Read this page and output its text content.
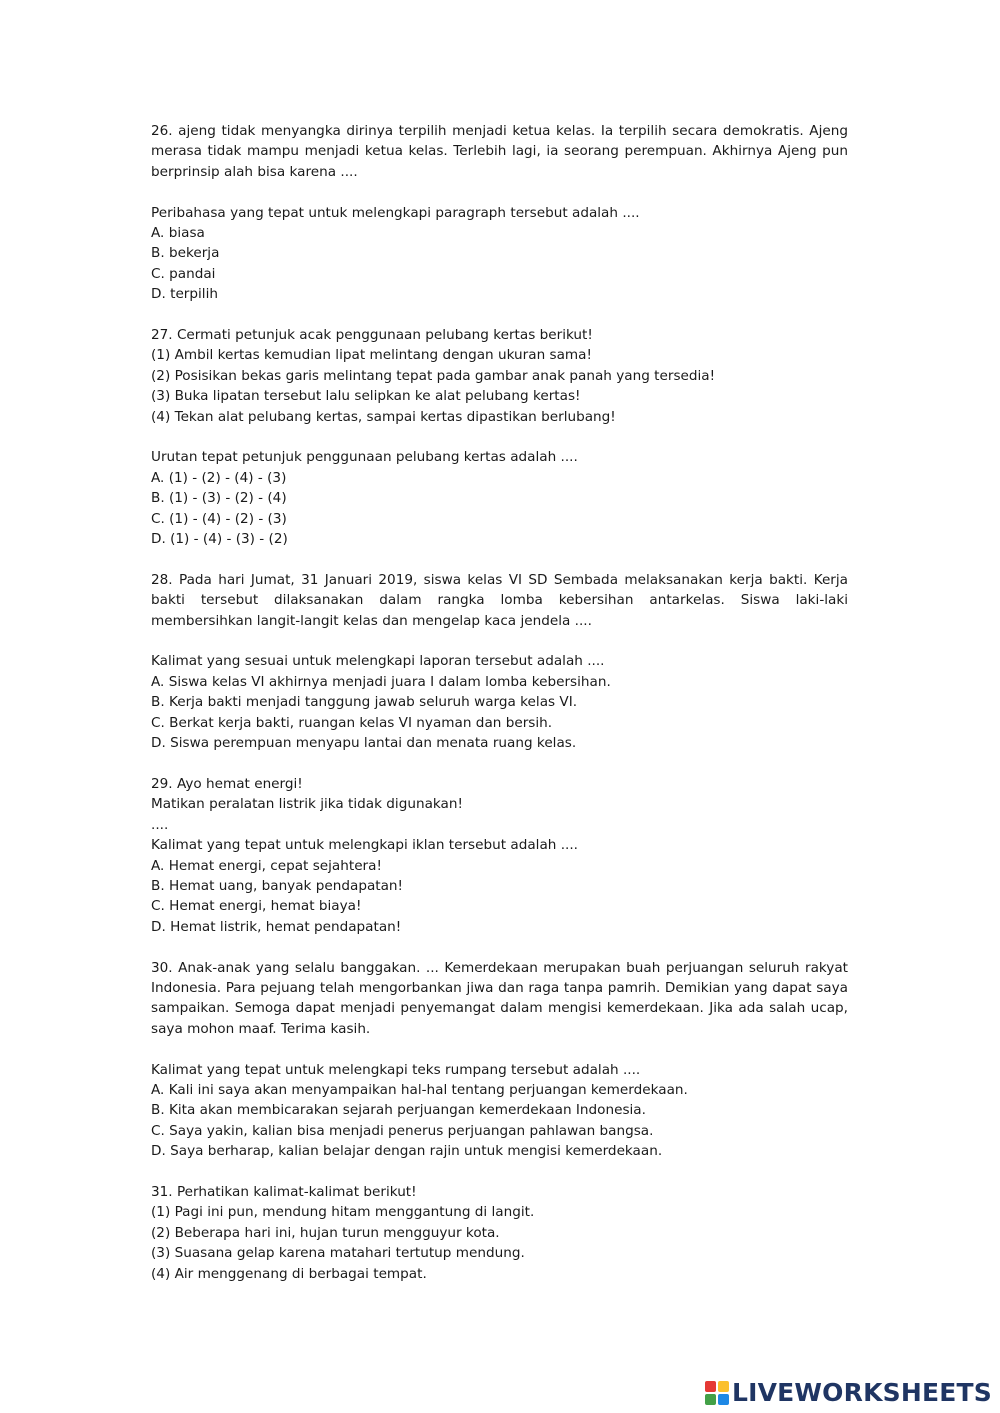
26. ajeng tidak menyangka dirinya terpilih menjadi ketua kelas. Ia terpilih secara demokratis. Ajeng merasa tidak mampu menjadi ketua kelas. Terlebih lagi, ia seorang perempuan. Akhirnya Ajeng pun berprinsip alah bisa karena ....

Peribahasa yang tepat untuk melengkapi paragraph tersebut adalah ....

A. biasa

B. bekerja

C. pandai

D. terpilih

27. Cermati petunjuk acak penggunaan pelubang kertas berikut!

(1) Ambil kertas kemudian lipat melintang dengan ukuran sama!

(2) Posisikan bekas garis melintang tepat pada gambar anak panah yang tersedia!

(3) Buka lipatan tersebut lalu selipkan ke alat pelubang kertas!

(4) Tekan alat pelubang kertas, sampai kertas dipastikan berlubang!

Urutan tepat petunjuk penggunaan pelubang kertas adalah ....

A. (1) - (2) - (4) - (3)

B. (1) - (3) - (2) - (4)

C. (1) - (4) - (2) - (3)

D. (1) - (4) - (3) - (2)

28. Pada hari Jumat, 31 Januari 2019, siswa kelas VI SD Sembada melaksanakan kerja bakti. Kerja bakti tersebut dilaksanakan dalam rangka lomba kebersihan antarkelas. Siswa laki-laki membersihkan langit-langit kelas dan mengelap kaca jendela ....

Kalimat yang sesuai untuk melengkapi laporan tersebut adalah ....

A. Siswa kelas VI akhirnya menjadi juara I dalam lomba kebersihan.

B. Kerja bakti menjadi tanggung jawab seluruh warga kelas VI.

C. Berkat kerja bakti, ruangan kelas VI nyaman dan bersih.

D. Siswa perempuan menyapu lantai dan menata ruang kelas.

29. Ayo hemat energi!

Matikan peralatan listrik jika tidak digunakan!

....

Kalimat yang tepat untuk melengkapi iklan tersebut adalah ....

A. Hemat energi, cepat sejahtera!

B. Hemat uang, banyak pendapatan!

C. Hemat energi, hemat biaya!

D. Hemat listrik, hemat pendapatan!

30. Anak-anak yang selalu banggakan. ... Kemerdekaan merupakan buah perjuangan seluruh rakyat Indonesia. Para pejuang telah mengorbankan jiwa dan raga tanpa pamrih. Demikian yang dapat saya sampaikan. Semoga dapat menjadi penyemangat dalam mengisi kemerdekaan. Jika ada salah ucap, saya mohon maaf. Terima kasih.

Kalimat yang tepat untuk melengkapi teks rumpang tersebut adalah ....

A. Kali ini saya akan menyampaikan hal-hal tentang perjuangan kemerdekaan.

B. Kita akan membicarakan sejarah perjuangan kemerdekaan Indonesia.

C. Saya yakin, kalian bisa menjadi penerus perjuangan pahlawan bangsa.

D. Saya berharap, kalian belajar dengan rajin untuk mengisi kemerdekaan.

31. Perhatikan kalimat-kalimat berikut!

(1) Pagi ini pun, mendung hitam menggantung di langit.

(2) Beberapa hari ini, hujan turun mengguyur kota.

(3) Suasana gelap karena matahari tertutup mendung.

(4) Air menggenang di berbagai tempat.

LIVEWORKSHEETS
